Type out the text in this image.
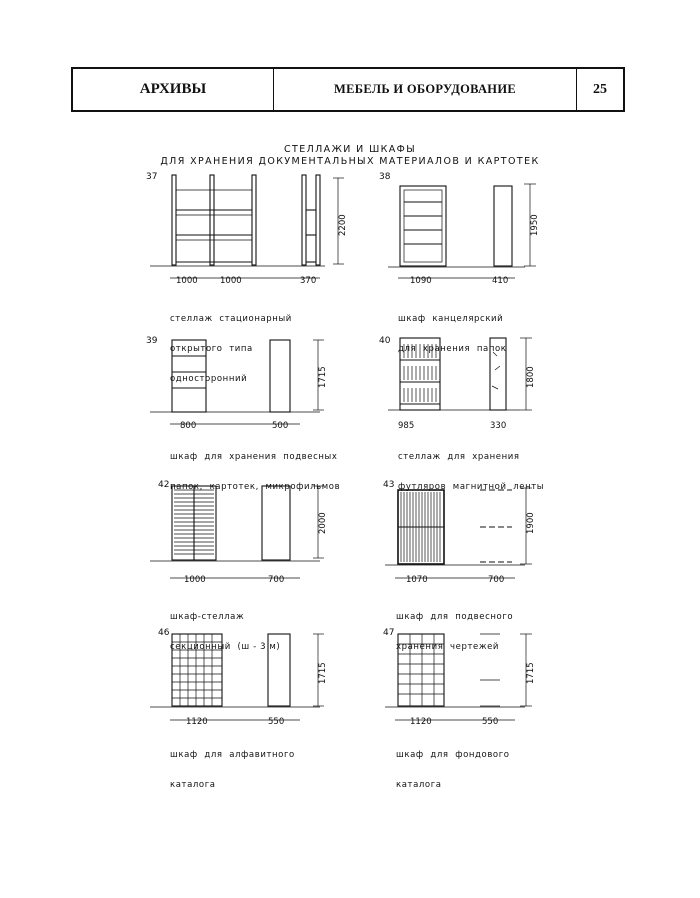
АРХИВЫ	МЕБЕЛЬ И ОБОРУДОВАНИЕ	25
СТЕЛЛАЖИ И ШКАФЫ
ДЛЯ ХРАНЕНИЯ ДОКУМЕНТАЛЬНЫХ МАТЕРИАЛОВ И КАРТОТЕК
37	38
39	40
42	43
46	47
1000	1000	370
2200
1090	410
1950
800	500
1715
985	330
1800
1000	700
2000
1070	700
1900
1120	550
1715
1120	550
1715

стеллаж  стационарный

открытого  типа

односторонний

шкаф  канцелярский

для  хранения  папок

шкаф  для  хранения  подвесных

папок,  картотек,  микрофильмов

стеллаж  для  хранения

футляров  магнитной  ленты

шкаф-стеллаж

секционный  (ш - 3 м)

шкаф  для  подвесного

хранения  чертежей

шкаф  для  алфавитного

каталога

шкаф  для  фондового

каталога
